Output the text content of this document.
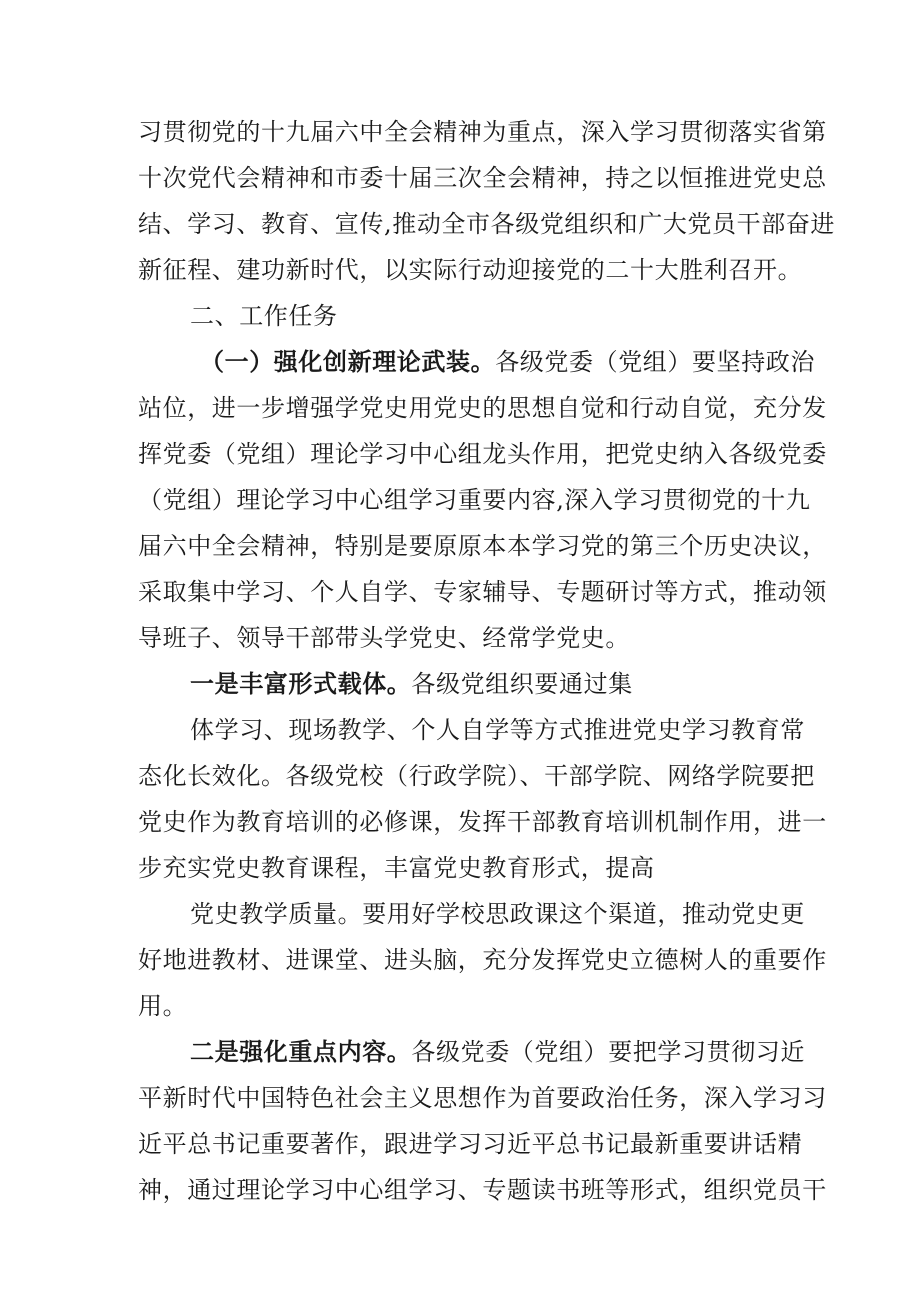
习贯彻党的十九届六中全会精神为重点，深入学习贯彻落实省第
十次党代会精神和市委十届三次全会精神，持之以恒推进党史总
结、学习、教育、宣传,推动全市各级党组织和广大党员干部奋进
新征程、建功新时代，以实际行动迎接党的二十大胜利召开。
二、工作任务
（一）强化创新理论武装。各级党委（党组）要坚持政治
站位，进一步增强学党史用党史的思想自觉和行动自觉，充分发
挥党委（党组）理论学习中心组龙头作用，把党史纳入各级党委
（党组）理论学习中心组学习重要内容,深入学习贯彻党的十九
届六中全会精神，特别是要原原本本学习党的第三个历史决议，
采取集中学习、个人自学、专家辅导、专题研讨等方式，推动领
导班子、领导干部带头学党史、经常学党史。
一是丰富形式载体。各级党组织要通过集
体学习、现场教学、个人自学等方式推进党史学习教育常
态化长效化。各级党校（行政学院）、干部学院、网络学院要把
党史作为教育培训的必修课，发挥干部教育培训机制作用，进一
步充实党史教育课程，丰富党史教育形式，提高
党史教学质量。要用好学校思政课这个渠道，推动党史更
好地进教材、进课堂、进头脑，充分发挥党史立德树人的重要作
用。
二是强化重点内容。各级党委（党组）要把学习贯彻习近
平新时代中国特色社会主义思想作为首要政治任务，深入学习习
近平总书记重要著作，跟进学习习近平总书记最新重要讲话精
神，通过理论学习中心组学习、专题读书班等形式，组织党员干
